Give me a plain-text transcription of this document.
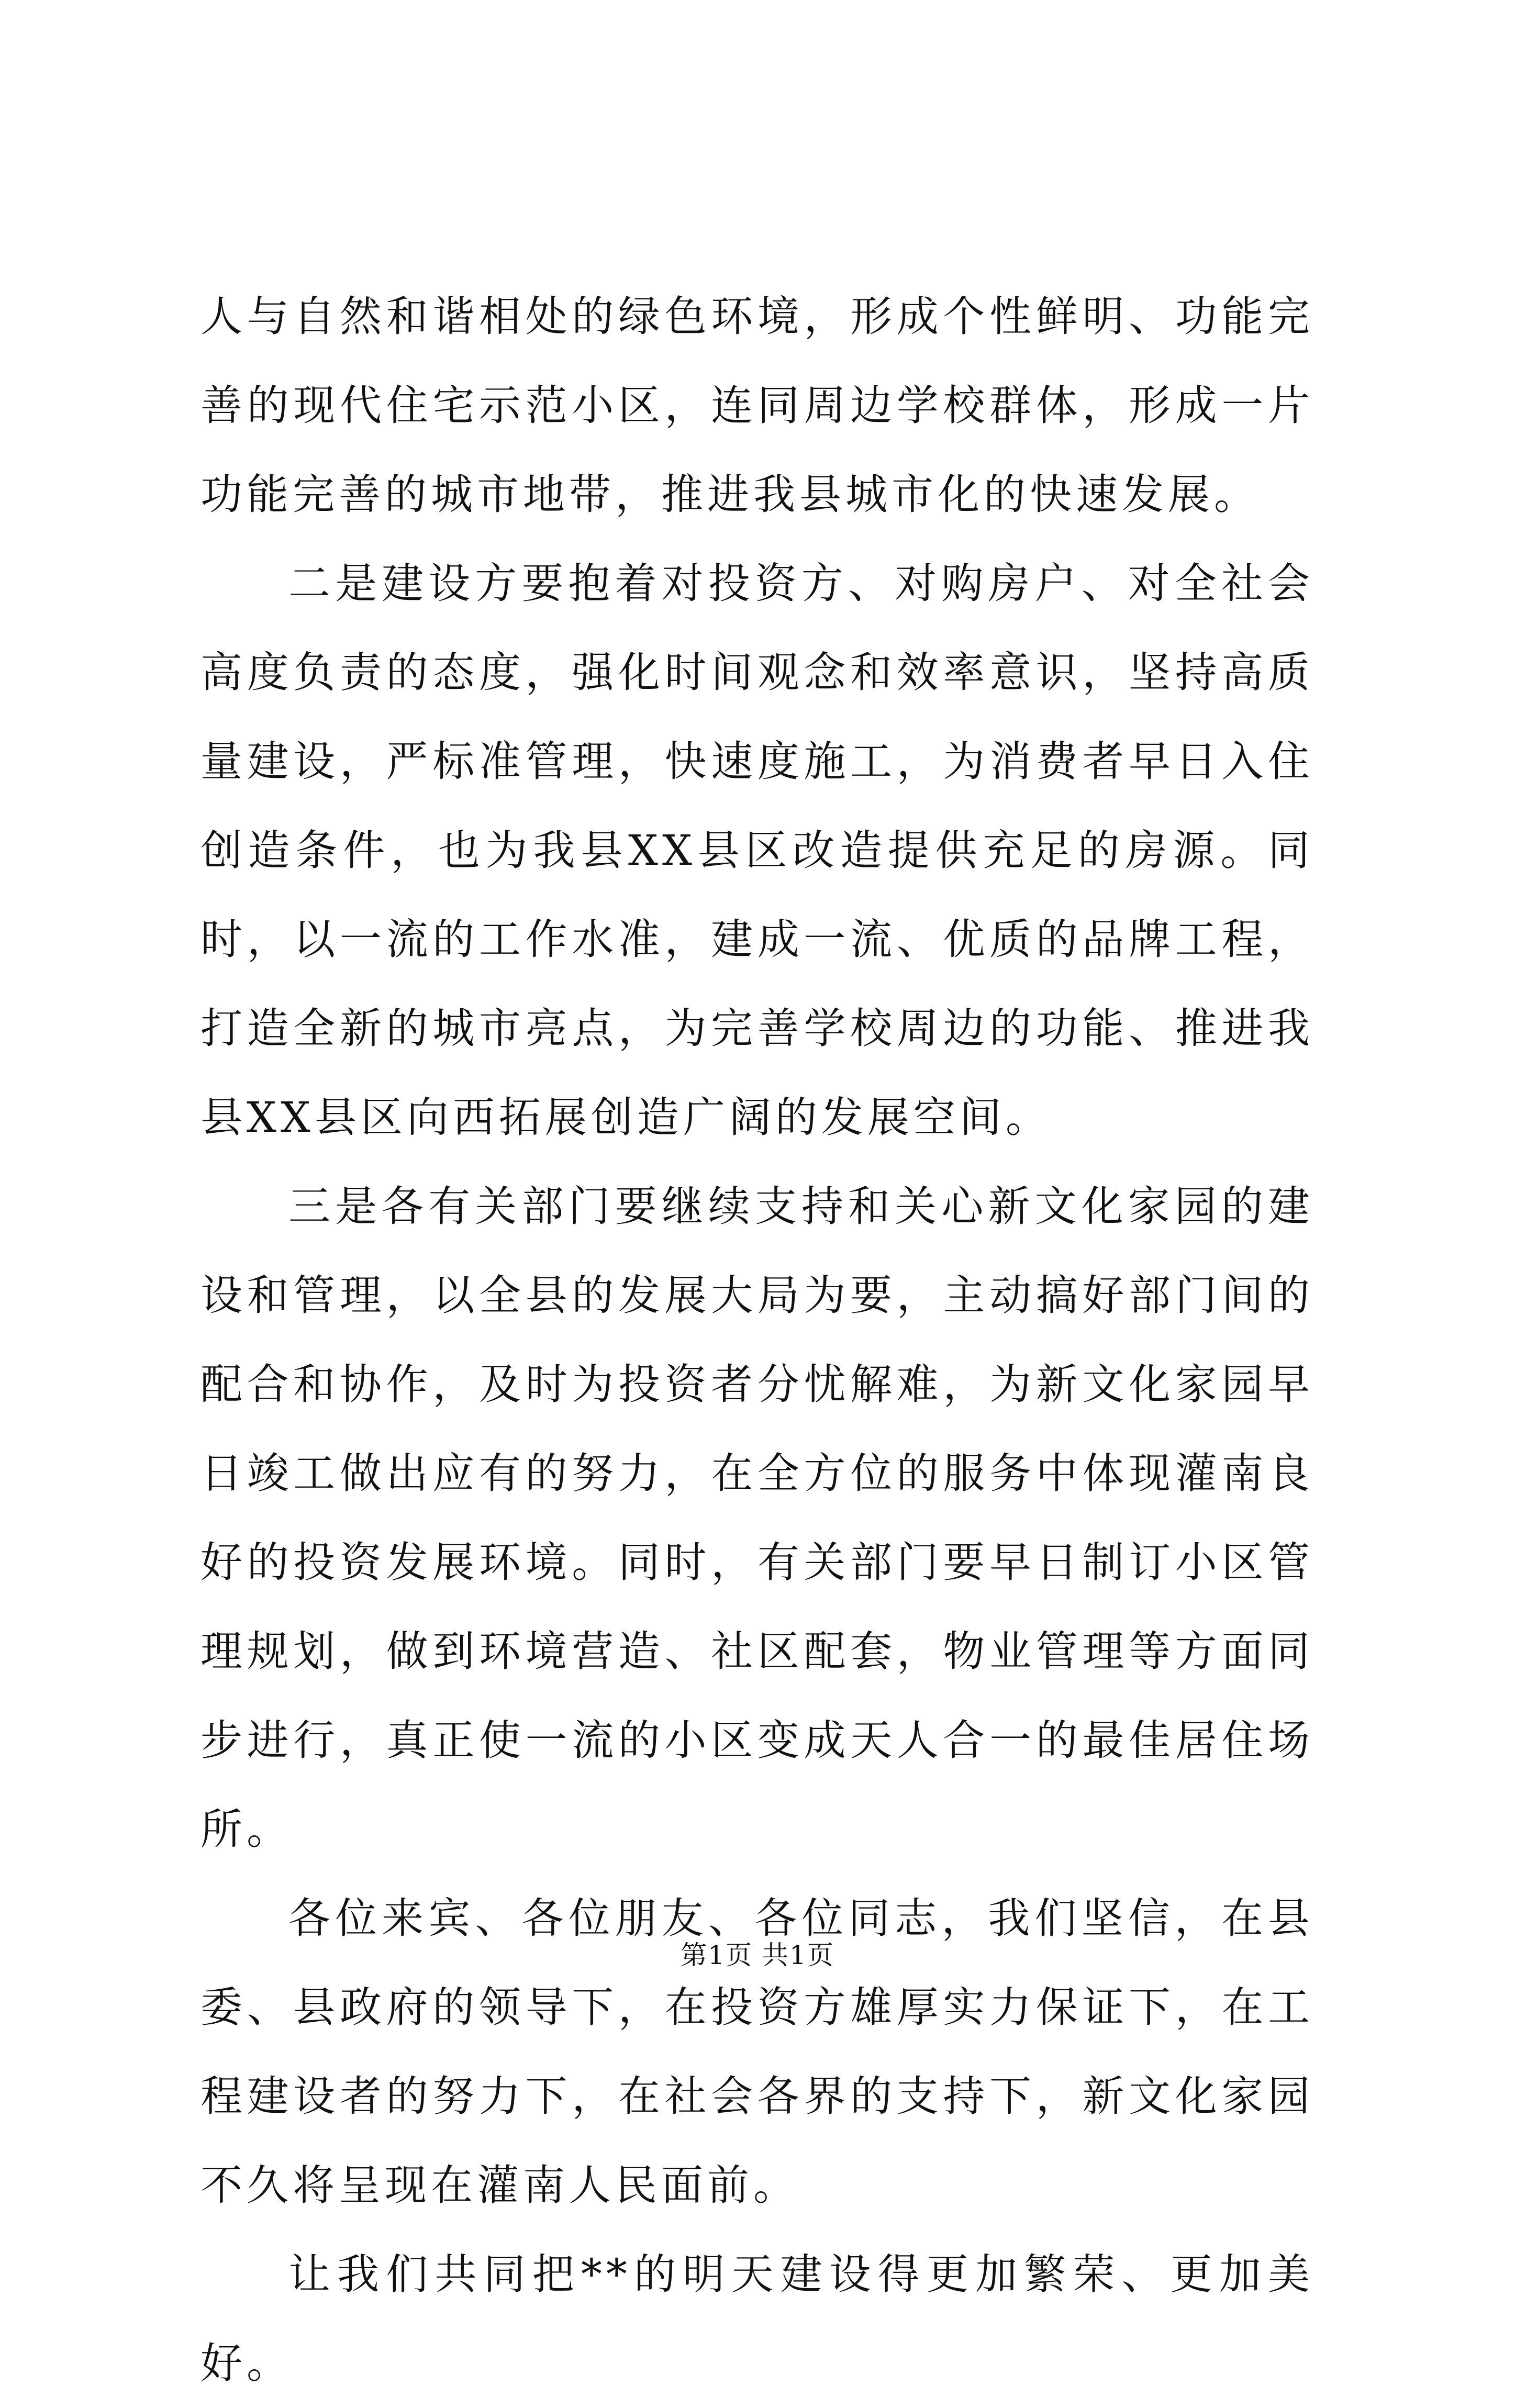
人与自然和谐相处的绿色环境，形成个性鲜明、功能完善的现代住宅示范小区，连同周边学校群体，形成一片功能完善的城市地带，推进我县城市化的快速发展。

二是建设方要抱着对投资方、对购房户、对全社会高度负责的态度，强化时间观念和效率意识，坚持高质量建设，严标准管理，快速度施工，为消费者早日入住创造条件，也为我县XX县区改造提供充足的房源。同时，以一流的工作水准，建成一流、优质的品牌工程，打造全新的城市亮点，为完善学校周边的功能、推进我县XX县区向西拓展创造广阔的发展空间。

三是各有关部门要继续支持和关心新文化家园的建设和管理，以全县的发展大局为要，主动搞好部门间的配合和协作，及时为投资者分忧解难，为新文化家园早日竣工做出应有的努力，在全方位的服务中体现灌南良好的投资发展环境。同时，有关部门要早日制订小区管理规划，做到环境营造、社区配套，物业管理等方面同步进行，真正使一流的小区变成天人合一的最佳居住场所。

各位来宾、各位朋友、各位同志，我们坚信，在县委、县政府的领导下，在投资方雄厚实力保证下，在工程建设者的努力下，在社会各界的支持下，新文化家园不久将呈现在灌南人民面前。

让我们共同把**的明天建设得更加繁荣、更加美好。

第1页 共1页
